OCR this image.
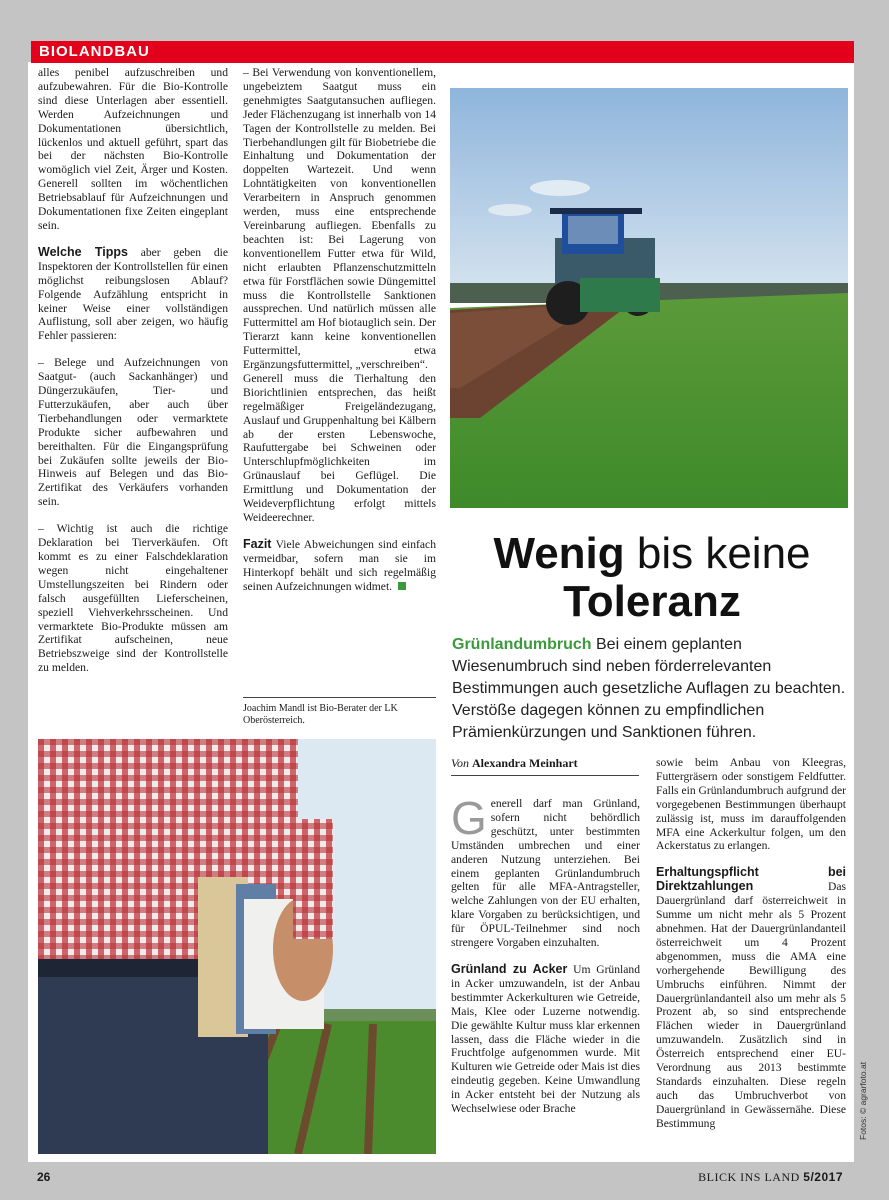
BIOLANDBAU

alles penibel aufzuschreiben und aufzubewahren. Für die Bio-Kontrolle sind diese Unterlagen aber essentiell. Werden Aufzeichnungen und Dokumentationen übersichtlich, lückenlos und aktuell geführt, spart das bei der nächsten Bio-Kontrolle womöglich viel Zeit, Ärger und Kosten. Generell sollten im wöchentlichen Betriebsablauf für Aufzeichnungen und Dokumentationen fixe Zeiten eingeplant sein.

Welche Tipps aber geben die Inspektoren der Kontrollstellen für einen möglichst reibungslosen Ablauf? Folgende Aufzählung entspricht in keiner Weise einer vollständigen Auflistung, soll aber zeigen, wo häufig Fehler passieren:

– Belege und Aufzeichnungen von Saatgut- (auch Sackanhänger) und Düngerzukäufen, Tier- und Futterzukäufen, aber auch über Tierbehandlungen oder vermarktete Produkte sicher aufbewahren und bereithalten. Für die Eingangsprüfung bei Zukäufen sollte jeweils der Bio-Hinweis auf Belegen und das Bio-Zertifikat des Verkäufers vorhanden sein.

– Wichtig ist auch die richtige Deklaration bei Tierverkäufen. Oft kommt es zu einer Falschdeklaration wegen nicht eingehaltener Umstellungszeiten bei Rindern oder falsch ausgefüllten Lieferscheinen, speziell Viehverkehrsscheinen. Und vermarktete Bio-Produkte müssen am Zertifikat aufscheinen, neue Betriebszweige sind der Kontrollstelle zu melden.

– Bei Verwendung von konventionellem, ungebeiztem Saatgut muss ein genehmigtes Saatgutansuchen aufliegen. Jeder Flächenzugang ist innerhalb von 14 Tagen der Kontrollstelle zu melden. Bei Tierbehandlungen gilt für Biobetriebe die Einhaltung und Dokumentation der doppelten Wartezeit. Und wenn Lohntätigkeiten von konventionellen Verarbeitern in Anspruch genommen werden, muss eine entsprechende Vereinbarung aufliegen. Ebenfalls zu beachten ist: Bei Lagerung von konventionellem Futter etwa für Wild, nicht erlaubten Pflanzenschutzmitteln etwa für Forstflächen sowie Düngemittel muss die Kontrollstelle Sanktionen aussprechen. Und natürlich müssen alle Futtermittel am Hof biotauglich sein. Der Tierarzt kann keine konventionellen Futtermittel, etwa Ergänzungsfuttermittel, „verschreiben“.

Generell muss die Tierhaltung den Biorichtlinien entsprechen, das heißt regelmäßiger Freigeländezugang, Auslauf und Gruppenhaltung bei Kälbern ab der ersten Lebenswoche, Raufuttergabe bei Schweinen oder Unterschlupfmöglichkeiten im Grünauslauf bei Geflügel. Die Ermittlung und Dokumentation der Weideverpflichtung erfolgt mittels Weideerechner.

Fazit Viele Abweichungen sind einfach vermeidbar, sofern man sie im Hinterkopf behält und sich regelmäßig seinen Aufzeichnungen widmet.

Joachim Mandl ist Bio-Berater der LK Oberösterreich.
Wenig bis keine
Toleranz
Grünlandumbruch Bei einem geplanten Wiesenumbruch sind neben förderrelevanten Bestimmungen auch gesetzliche Auflagen zu beachten. Verstöße dagegen können zu empfindlichen Prämienkürzungen und Sanktionen führen.
Von Alexandra Meinhart

Generell darf man Grünland, sofern nicht behördlich geschützt, unter bestimmten Umständen umbrechen und einer anderen Nutzung unterziehen. Bei einem geplanten Grünlandumbruch gelten für alle MFA-Antragsteller, welche Zahlungen von der EU erhalten, klare Vorgaben zu berücksichtigen, und für ÖPUL-Teilnehmer sind noch strengere Vorgaben einzuhalten.

Grünland zu Acker Um Grünland in Acker umzuwandeln, ist der Anbau bestimmter Ackerkulturen wie Getreide, Mais, Klee oder Luzerne notwendig. Die gewählte Kultur muss klar erkennen lassen, dass die Fläche wieder in die Fruchtfolge aufgenommen wurde. Mit Kulturen wie Getreide oder Mais ist dies eindeutig gegeben. Keine Umwandlung in Acker entsteht bei der Nutzung als Wechselwiese oder Brache

sowie beim Anbau von Kleegras, Futtergräsern oder sonstigem Feldfutter. Falls ein Grünlandumbruch aufgrund der vorgegebenen Bestimmungen überhaupt zulässig ist, muss im darauffolgenden MFA eine Ackerkultur folgen, um den Ackerstatus zu erlangen.

Erhaltungspflicht bei Direktzahlungen Das Dauergrünland darf österreichweit in Summe um nicht mehr als 5 Prozent abnehmen. Hat der Dauergrünlandanteil österreichweit um 4 Prozent abgenommen, muss die AMA eine vorhergehende Bewilligung des Umbruchs einführen. Nimmt der Dauergrünlandanteil also um mehr als 5 Prozent ab, so sind entsprechende Flächen wieder in Dauergrünland umzuwandeln. Zusätzlich sind in Österreich entsprechend einer EU-Verordnung aus 2013 bestimmte Standards einzuhalten. Diese regeln auch das Umbruchverbot von Dauergrünland in Gewässernähe. Diese Bestimmung	Fotos: © agrarfoto.at
26	BLICK INS LAND 5/2017
